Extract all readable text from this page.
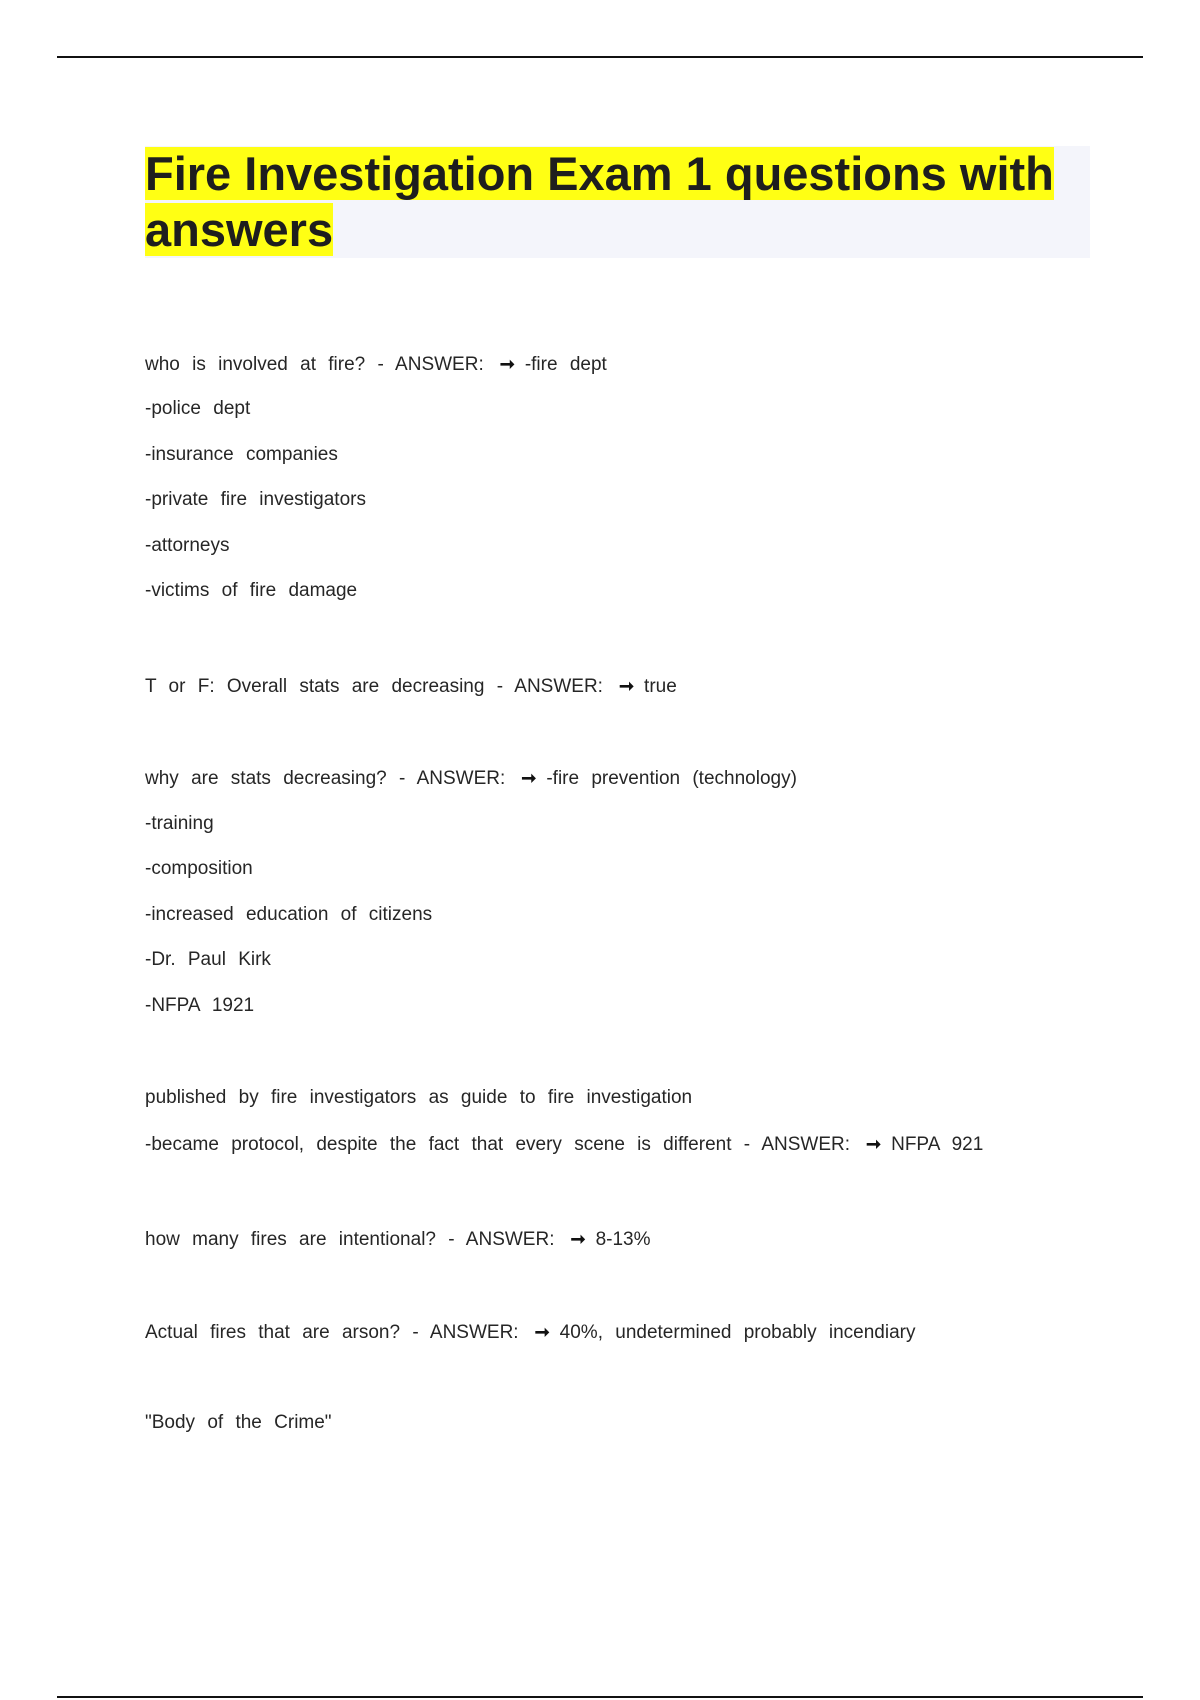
Fire Investigation Exam 1 questions with answers

who is involved at fire? - ANSWER: ➞ -fire dept

-police dept

-insurance companies

-private fire investigators

-attorneys

-victims of fire damage

T or F: Overall stats are decreasing - ANSWER: ➞ true

why are stats decreasing? - ANSWER: ➞ -fire prevention (technology)

-training

-composition

-increased education of citizens

-Dr. Paul Kirk

-NFPA 1921

published by fire investigators as guide to fire investigation

-became protocol, despite the fact that every scene is different - ANSWER: ➞ NFPA 921

how many fires are intentional? - ANSWER: ➞ 8-13%

Actual fires that are arson? - ANSWER: ➞ 40%, undetermined probably incendiary

"Body of the Crime"
